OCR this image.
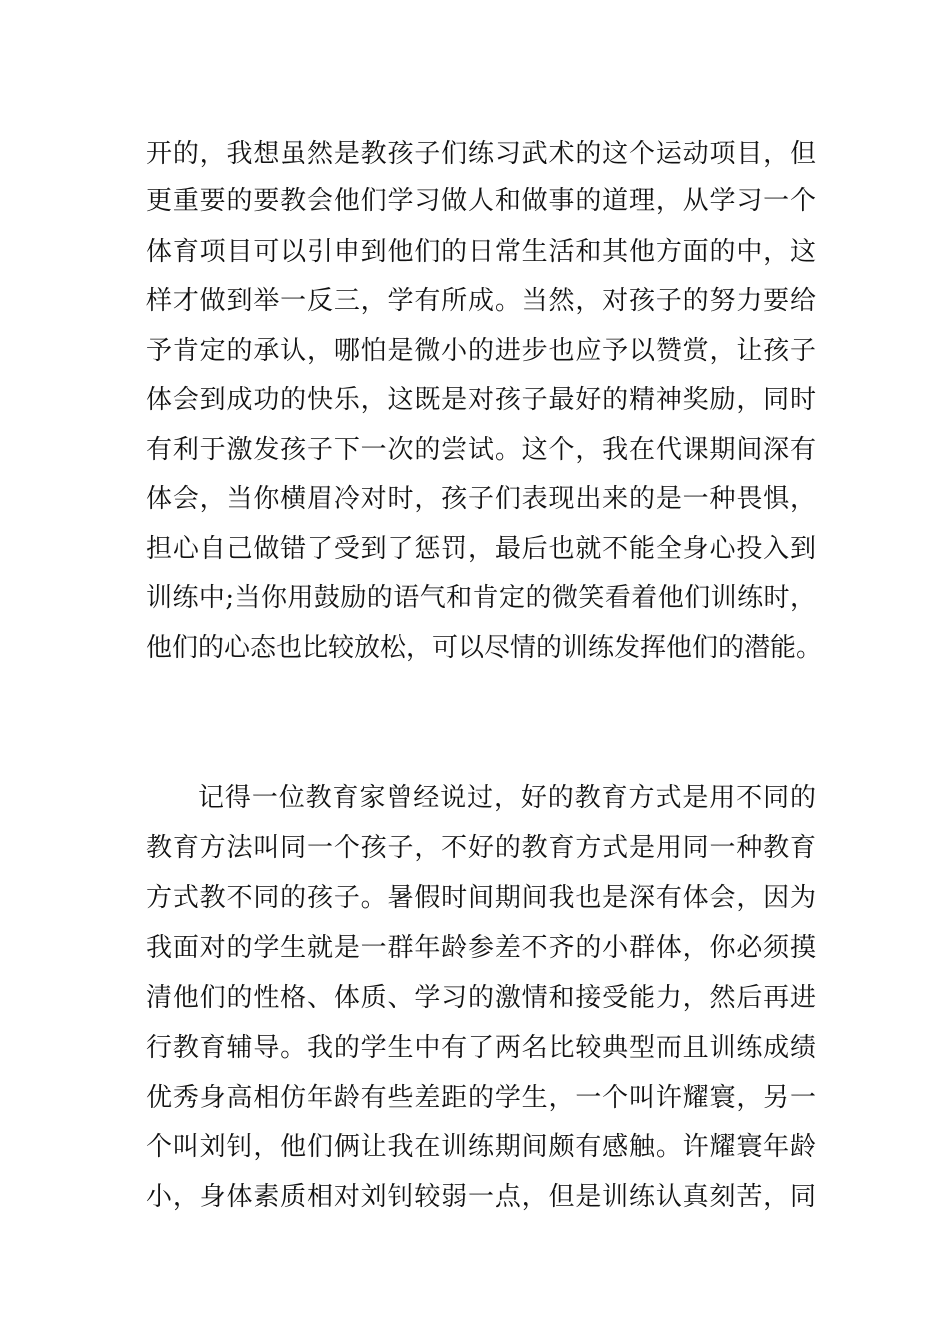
开的，我想虽然是教孩子们练习武术的这个运动项目，但
更重要的要教会他们学习做人和做事的道理，从学习一个
体育项目可以引申到他们的日常生活和其他方面的中，这
样才做到举一反三，学有所成。当然，对孩子的努力要给
予肯定的承认，哪怕是微小的进步也应予以赞赏，让孩子
体会到成功的快乐，这既是对孩子最好的精神奖励，同时
有利于激发孩子下一次的尝试。这个，我在代课期间深有
体会，当你横眉冷对时，孩子们表现出来的是一种畏惧，
担心自己做错了受到了惩罚，最后也就不能全身心投入到
训练中;当你用鼓励的语气和肯定的微笑看着他们训练时，
他们的心态也比较放松，可以尽情的训练发挥他们的潜能。
记得一位教育家曾经说过，好的教育方式是用不同的
教育方法叫同一个孩子，不好的教育方式是用同一种教育
方式教不同的孩子。暑假时间期间我也是深有体会，因为
我面对的学生就是一群年龄参差不齐的小群体，你必须摸
清他们的性格、体质、学习的激情和接受能力，然后再进
行教育辅导。我的学生中有了两名比较典型而且训练成绩
优秀身高相仿年龄有些差距的学生，一个叫许耀寰，另一
个叫刘钊，他们俩让我在训练期间颇有感触。许耀寰年龄
小，身体素质相对刘钊较弱一点，但是训练认真刻苦，同
